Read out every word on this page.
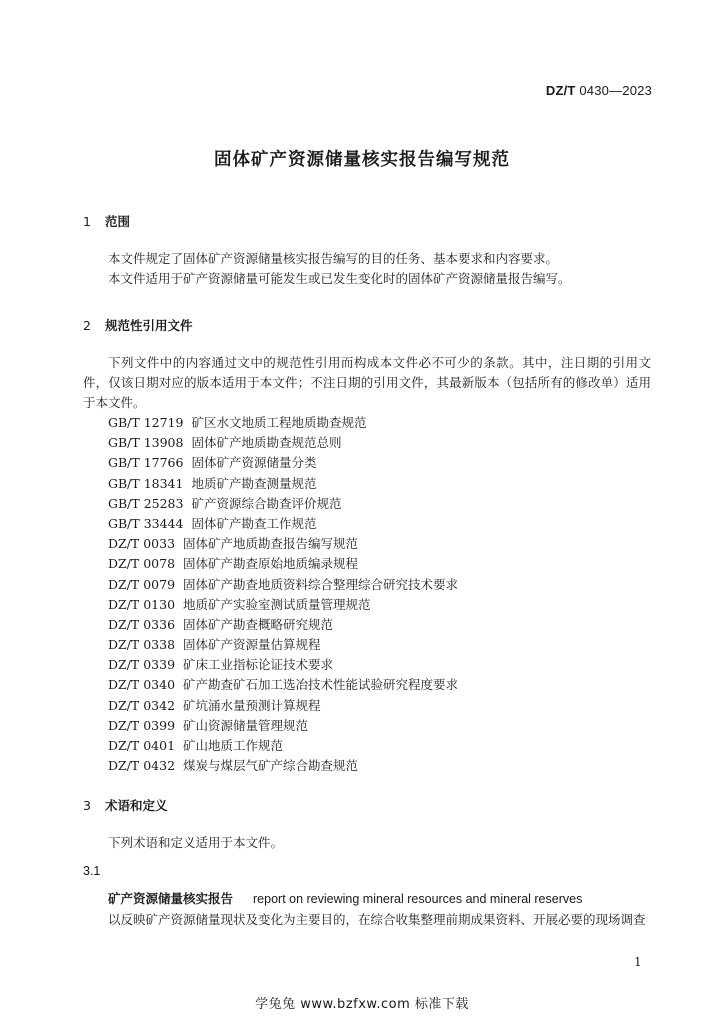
DZ/T 0430—2023
固体矿产资源储量核实报告编写规范
1 范围
本文件规定了固体矿产资源储量核实报告编写的目的任务、基本要求和内容要求。
本文件适用于矿产资源储量可能发生或已发生变化时的固体矿产资源储量报告编写。
2 规范性引用文件
下列文件中的内容通过文中的规范性引用而构成本文件必不可少的条款。其中，注日期的引用文件，仅该日期对应的版本适用于本文件；不注日期的引用文件，其最新版本（包括所有的修改单）适用于本文件。
GB/T 12719 矿区水文地质工程地质勘查规范
GB/T 13908 固体矿产地质勘查规范总则
GB/T 17766 固体矿产资源储量分类
GB/T 18341 地质矿产勘查测量规范
GB/T 25283 矿产资源综合勘查评价规范
GB/T 33444 固体矿产勘查工作规范
DZ/T 0033 固体矿产地质勘查报告编写规范
DZ/T 0078 固体矿产勘查原始地质编录规程
DZ/T 0079 固体矿产勘查地质资料综合整理综合研究技术要求
DZ/T 0130 地质矿产实验室测试质量管理规范
DZ/T 0336 固体矿产勘查概略研究规范
DZ/T 0338 固体矿产资源量估算规程
DZ/T 0339 矿床工业指标论证技术要求
DZ/T 0340 矿产勘查矿石加工选冶技术性能试验研究程度要求
DZ/T 0342 矿坑涌水量预测计算规程
DZ/T 0399 矿山资源储量管理规范
DZ/T 0401 矿山地质工作规范
DZ/T 0432 煤炭与煤层气矿产综合勘查规范
3 术语和定义
下列术语和定义适用于本文件。
3.1
矿产资源储量核实报告 report on reviewing mineral resources and mineral reserves
以反映矿产资源储量现状及变化为主要目的，在综合收集整理前期成果资料、开展必要的现场调查
1
学兔兔 www.bzfxw.com 标准下载
